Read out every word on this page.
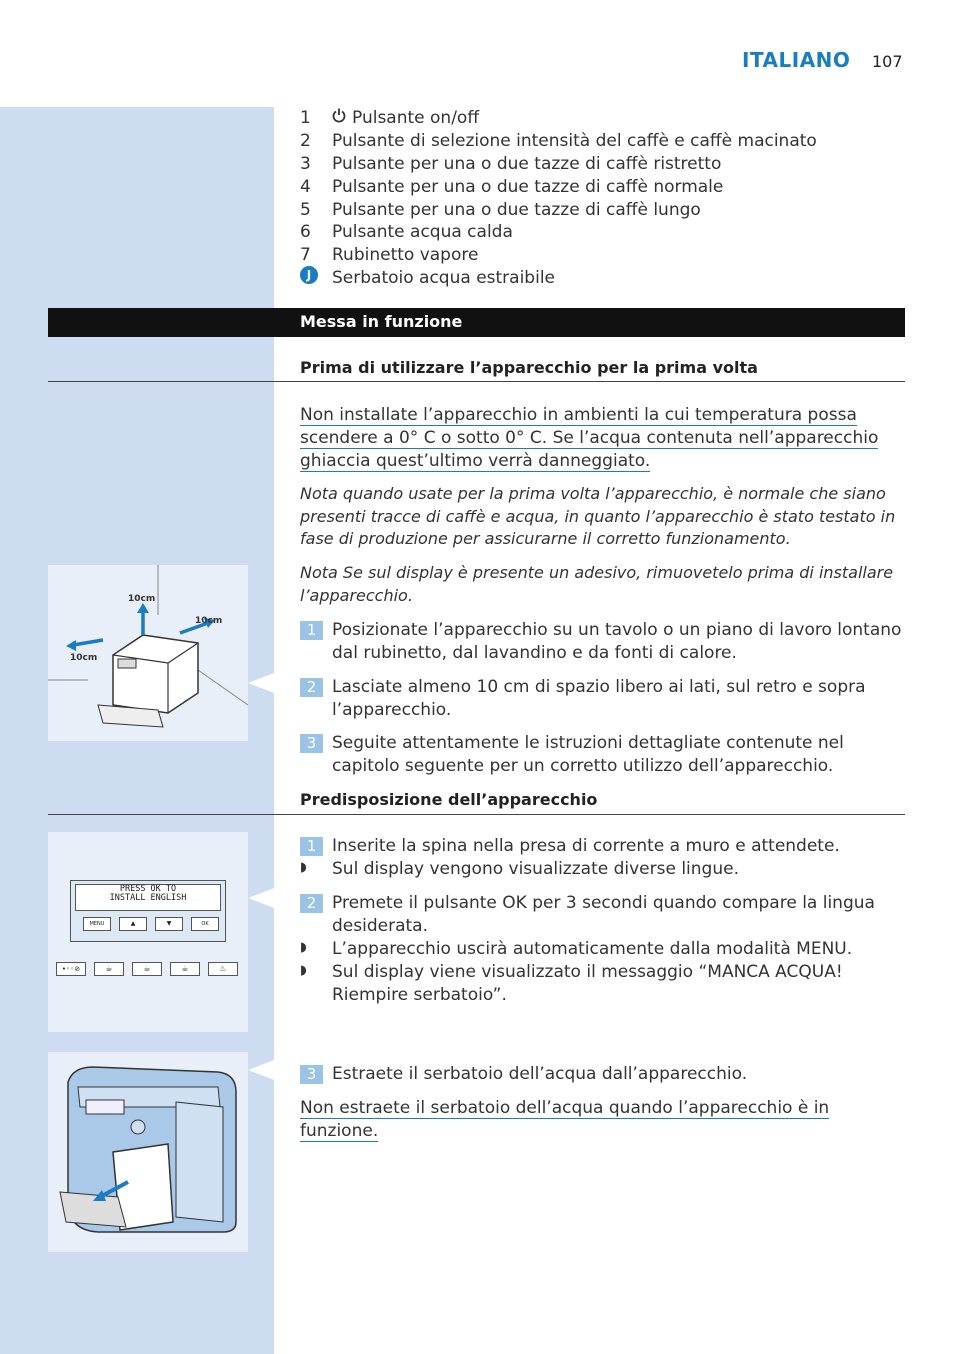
ITALIANO 107
1	Pulsante on/off
2	Pulsante di selezione intensità del caffè e caffè macinato
3	Pulsante per una o due tazze di caffè ristretto
4	Pulsante per una o due tazze di caffè normale
5	Pulsante per una o due tazze di caffè lungo
6	Pulsante acqua calda
7	Rubinetto vapore
J	Serbatoio acqua estraibile
Messa in funzione
Prima di utilizzare l’apparecchio per la prima volta
Non installate l’apparecchio in ambienti la cui temperatura possa
scendere a 0° C o sotto 0° C. Se l’acqua contenuta nell’apparecchio
ghiaccia quest’ultimo verrà danneggiato.
Nota quando usate per la prima volta l’apparecchio, è normale che siano presenti tracce di caffè e acqua, in quanto l’apparecchio è stato testato in fase di produzione per assicurarne il corretto funzionamento.
Nota Se sul display è presente un adesivo, rimuovetelo prima di installare l’apparecchio.
10cm
10cm
10cm
1 Posizionate l’apparecchio su un tavolo o un piano di lavoro lontano dal rubinetto, dal lavandino e da fonti di calore.
2 Lasciate almeno 10 cm di spazio libero ai lati, sul retro e sopra l’apparecchio.
3 Seguite attentamente le istruzioni dettagliate contenute nel capitolo seguente per un corretto utilizzo dell’apparecchio.
Predisposizione dell’apparecchio
PRESS OK TO
INSTALL ENGLISH
MENU	▲	▼	OK
•◦◦⊘	☕	☕	☕	♨
1 Inserite la spina nella presa di corrente a muro e attendete.
◗ Sul display vengono visualizzate diverse lingue.
2 Premete il pulsante OK per 3 secondi quando compare la lingua desiderata.
◗ L’apparecchio uscirà automaticamente dalla modalità MENU.
◗ Sul display viene visualizzato il messaggio “MANCA ACQUA! Riempire serbatoio”.
3 Estraete il serbatoio dell’acqua dall’apparecchio.
Non estraete il serbatoio dell’acqua quando l’apparecchio è in funzione.
